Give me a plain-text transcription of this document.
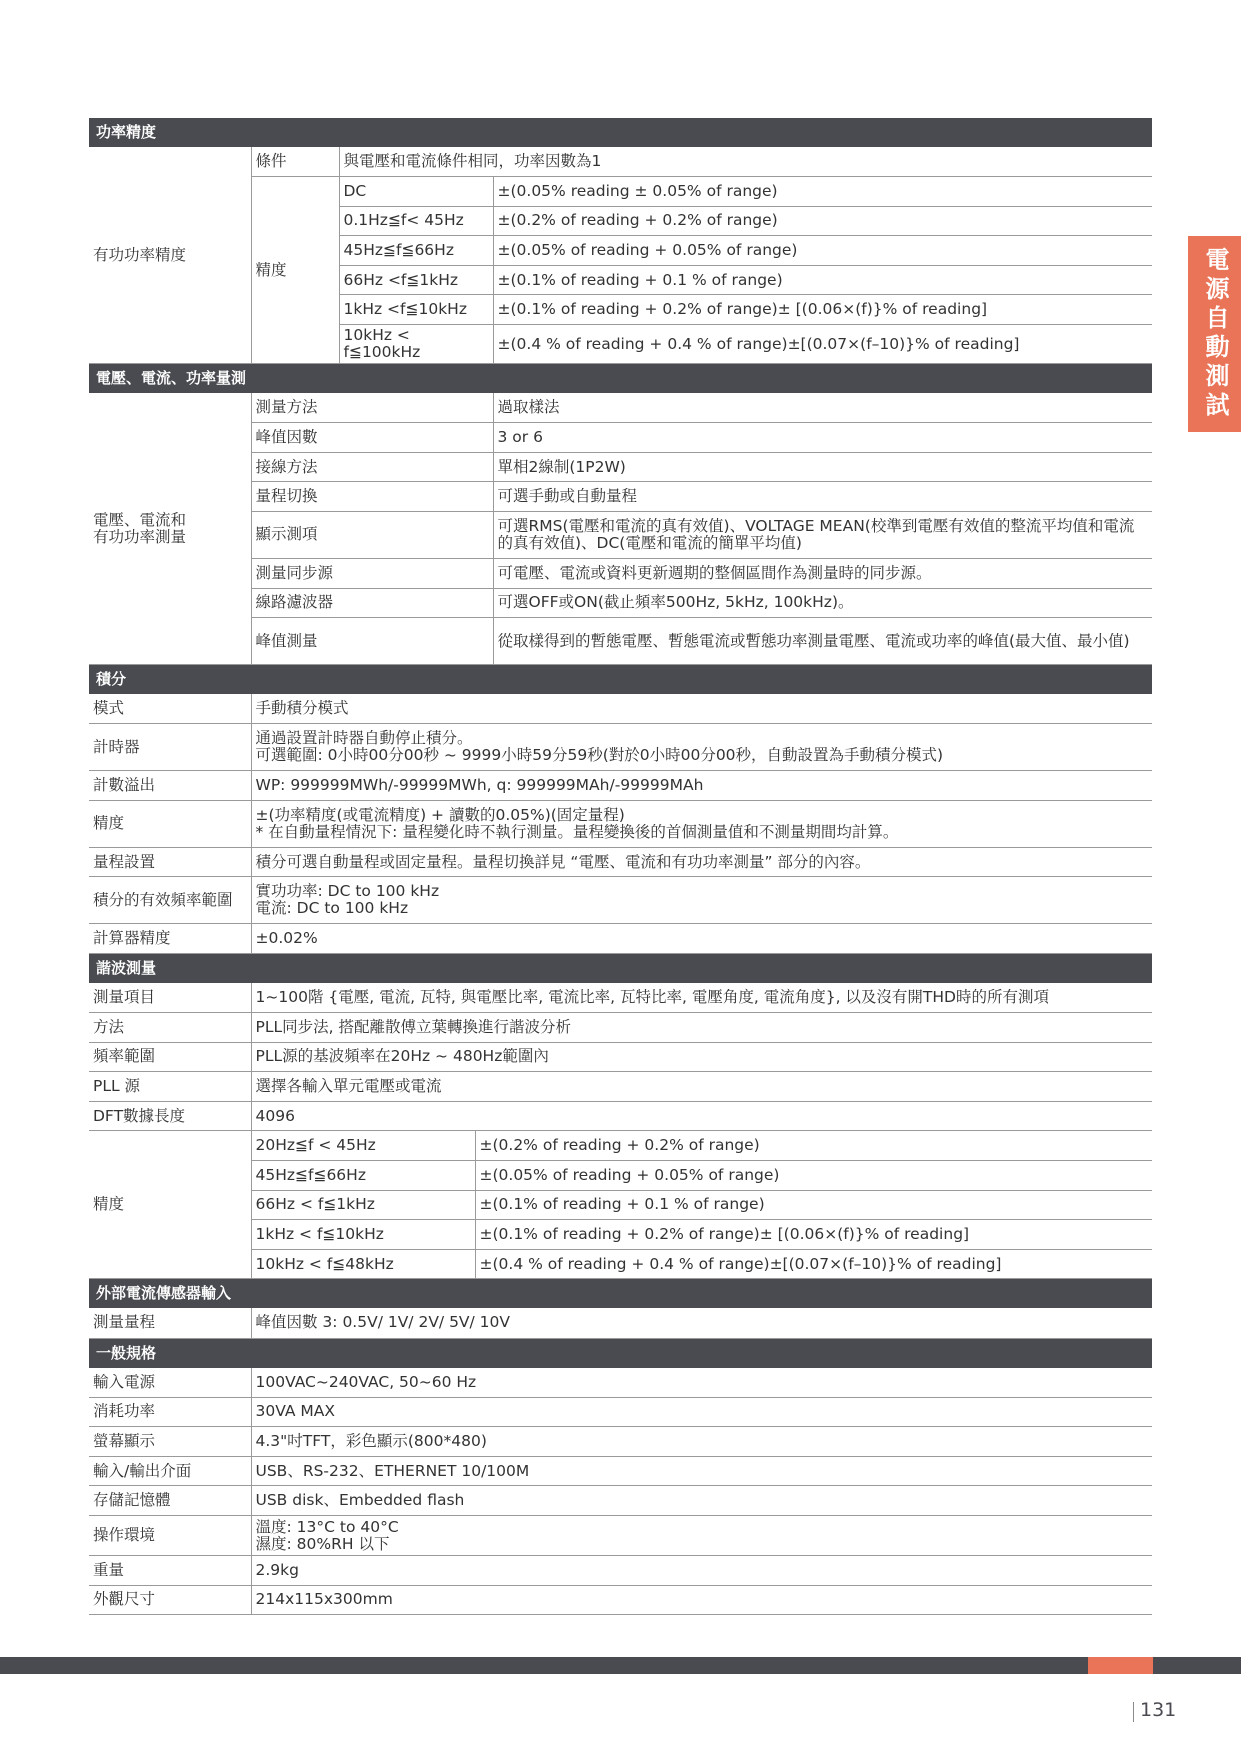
電源自動測試
功率精度
有功功率精度	條件	與電壓和電流條件相同，功率因數為1	
	精度	DC	±(0.05% reading ± 0.05% of range)
		0.1Hz≦f< 45Hz	±(0.2% of reading + 0.2% of range)
		45Hz≦f≦66Hz	±(0.05% of reading + 0.05% of range)
		66Hz <f≦1kHz	±(0.1% of reading + 0.1 % of range)
		1kHz <f≦10kHz	±(0.1% of reading + 0.2% of range)± [(0.06×(f)}% of reading]
		10kHz < f≦100kHz	±(0.4 % of reading + 0.4 % of range)±[(0.07×(f–10)}% of reading]
電壓、電流、功率量測
電壓、電流和
有功功率測量	測量方法	過取樣法
	峰值因數	3 or 6
	接線方法	單相2線制(1P2W)
	量程切換	可選手動或自動量程
	顯示測項	可選RMS(電壓和電流的真有效值)、VOLTAGE MEAN(校準到電壓有效值的整流平均值和電流的真有效值)、DC(電壓和電流的簡單平均值)
	測量同步源	可電壓、電流或資料更新週期的整個區間作為測量時的同步源。
	線路濾波器	可選OFF或ON(截止頻率500Hz, 5kHz, 100kHz)。
	峰值測量	從取樣得到的暫態電壓、暫態電流或暫態功率測量電壓、電流或功率的峰值(最大值、最小值)
積分
模式	手動積分模式
計時器	通過設置計時器自動停止積分。
可選範圍: 0小時00分00秒 ~ 9999小時59分59秒(對於0小時00分00秒，自動設置為手動積分模式)
計數溢出	WP: 999999MWh/-99999MWh, q: 999999MAh/-99999MAh
精度	±(功率精度(或電流精度) + 讀數的0.05%)(固定量程)
* 在自動量程情況下: 量程變化時不執行測量。量程變換後的首個測量值和不測量期間均計算。
量程設置	積分可選自動量程或固定量程。量程切換詳見 “電壓、電流和有功功率測量” 部分的內容。
積分的有效頻率範圍	實功功率: DC to 100 kHz
電流: DC to 100 kHz
計算器精度	±0.02%
諧波測量
測量項目	1~100階 {電壓, 電流, 瓦特, 與電壓比率, 電流比率, 瓦特比率, 電壓角度, 電流角度}, 以及沒有開THD時的所有測項	
方法	PLL同步法, 搭配離散傅立葉轉換進行諧波分析	
頻率範圍	PLL源的基波頻率在20Hz ~ 480Hz範圍內	
PLL 源	選擇各輸入單元電壓或電流	
DFT數據長度	4096	
精度	20Hz≦f < 45Hz	±(0.2% of reading + 0.2% of range)
	45Hz≦f≦66Hz	±(0.05% of reading + 0.05% of range)
	66Hz < f≦1kHz	±(0.1% of reading + 0.1 % of range)
	1kHz < f≦10kHz	±(0.1% of reading + 0.2% of range)± [(0.06×(f)}% of reading]
	10kHz < f≦48kHz	±(0.4 % of reading + 0.4 % of range)±[(0.07×(f–10)}% of reading]
外部電流傳感器輸入
測量量程	峰值因數 3: 0.5V/ 1V/ 2V/ 5V/ 10V
一般規格
輸入電源	100VAC~240VAC, 50~60 Hz
消耗功率	30VA MAX
螢幕顯示	4.3"吋TFT，彩色顯示(800*480)
輸入/輸出介面	USB、RS-232、ETHERNET 10/100M
存儲記憶體	USB disk、Embedded flash
操作環境	溫度: 13°C to 40°C
濕度: 80%RH 以下
重量	2.9kg
外觀尺寸	214x115x300mm
131
